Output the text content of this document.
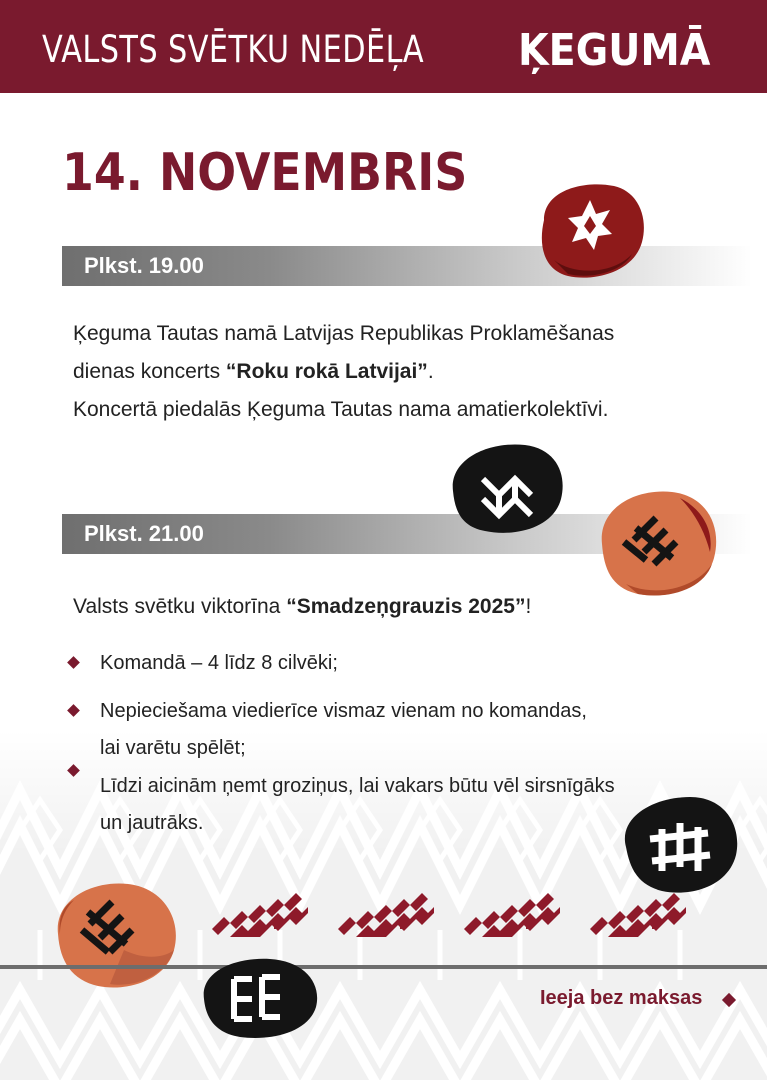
VALSTS SVĒTKU NEDĒĻA ĶEGUMĀ
14. NOVEMBRIS
Plkst. 19.00
Ķeguma Tautas namā Latvijas Republikas Proklamēšanas
dienas koncerts “Roku rokā Latvijai”.
Koncertā piedalās Ķeguma Tautas nama amatierkolektīvi.
Plkst. 21.00
Valsts svētku viktorīna “Smadzeņgrauzis 2025”!
Komandā – 4 līdz 8 cilvēki;
Nepieciešama viedierīce vismaz vienam no komandas,
lai varētu spēlēt;
Līdzi aicinām ņemt groziņus, lai vakars būtu vēl sirsnīgāks
un jautrāks.
Ieeja bez maksas
